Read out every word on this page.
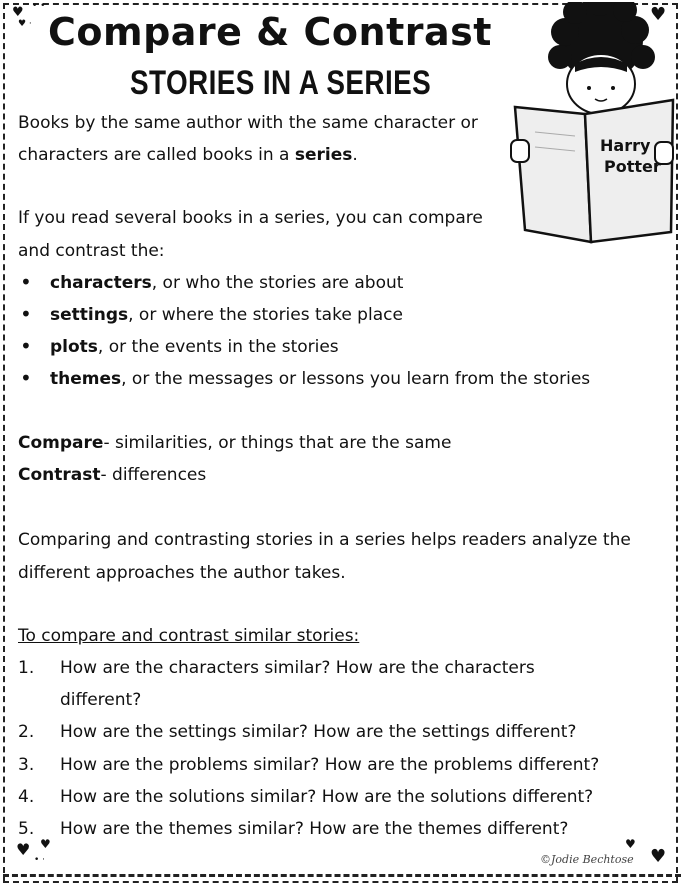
♥ • •
♥ ·	♥
♥
♥
♥ ♥
• ·
Compare & Contrast
STORIES IN A SERIES
Harry
Potter
Books by the same author with the same character or
characters are called books in a series.
If you read several books in a series, you can compare
and contrast the:
• characters, or who the stories are about
• settings, or where the stories take place
• plots, or the events in the stories
• themes, or the messages or lessons you learn from the stories
Compare- similarities, or things that are the same
Contrast- differences
Comparing and contrasting stories in a series helps readers analyze the
different approaches the author takes.
To compare and contrast similar stories:
1. How are the characters similar? How are the characters
different?
2. How are the settings similar? How are the settings different?
3. How are the problems similar? How are the problems different?
4. How are the solutions similar? How are the solutions different?
5. How are the themes similar? How are the themes different?
©Jodie Bechtose
